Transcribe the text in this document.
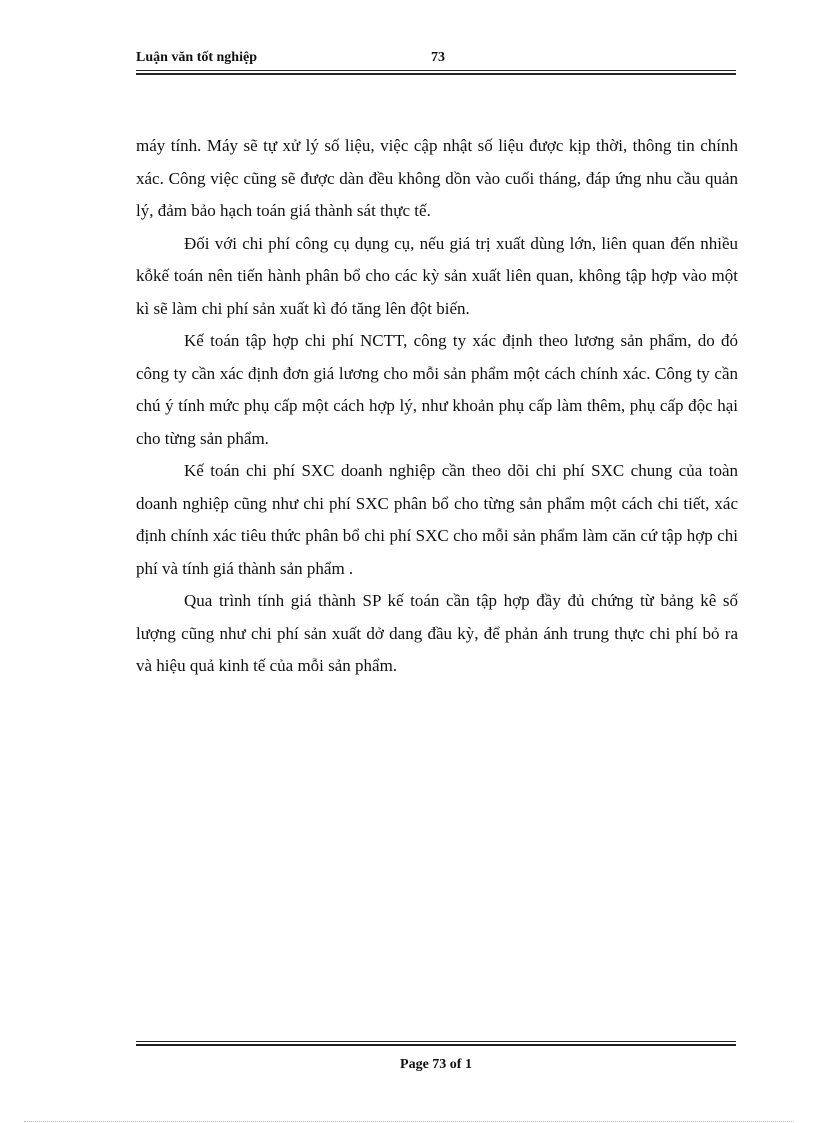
Luận văn tốt nghiệp	73

máy tính. Máy sẽ tự xử lý số liệu, việc cập nhật số liệu được kịp thời, thông tin chính xác. Công việc cũng sẽ được dàn đều không dồn vào cuối tháng, đáp ứng nhu cầu quản lý, đảm bảo hạch toán giá thành sát thực tế.

Đối với chi phí công cụ dụng cụ, nếu giá trị xuất dùng lớn, liên quan đến nhiều kỗkế toán nên tiến hành phân bổ cho các kỳ sản xuất liên quan, không tập hợp vào một kì sẽ làm chi phí sản xuất kì đó tăng lên đột biến.

Kế toán tập hợp chi phí NCTT, công ty xác định theo lương sản phẩm, do đó công ty cần xác định đơn giá lương cho mỗi sản phẩm một cách chính xác. Công ty cần chú ý tính mức phụ cấp một cách hợp lý, như khoản phụ cấp làm thêm, phụ cấp độc hại cho từng sản phẩm.

Kế toán chi phí SXC doanh nghiệp cần theo dõi chi phí SXC chung của toàn doanh nghiệp cũng như chi phí SXC phân bổ cho từng sản phẩm một cách chi tiết, xác định chính xác tiêu thức phân bổ chi phí SXC cho mỗi sản phẩm làm căn cứ tập hợp chi phí và tính giá thành sản phẩm .

Qua trình tính giá thành SP kế toán cần tập hợp đầy đủ chứng từ bảng kê số lượng cũng như chi phí sản xuất dở dang đầu kỳ, để phản ánh trung thực chi phí bỏ ra và hiệu quả kinh tế của mỗi sản phẩm.

Page 73 of 1
